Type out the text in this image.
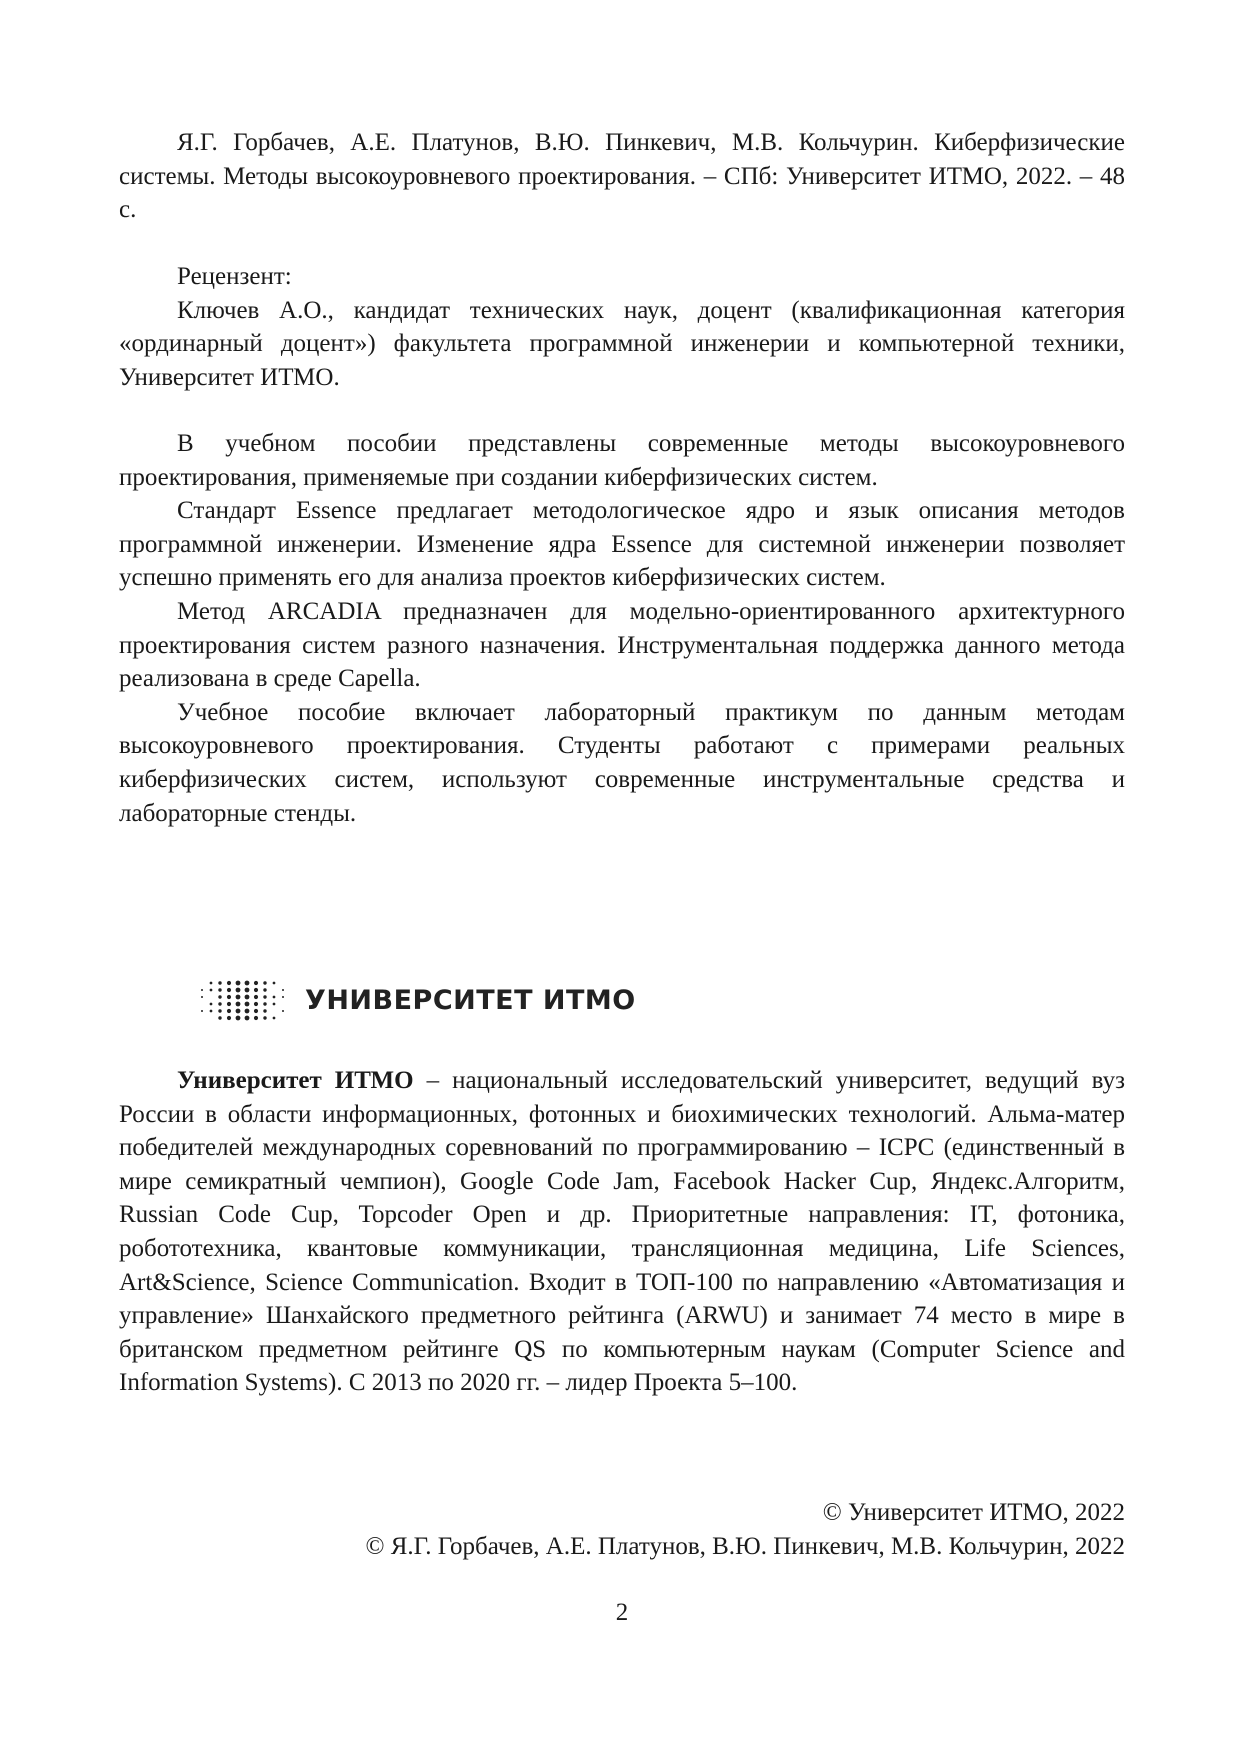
Я.Г. Горбачев, А.Е. Платунов, В.Ю. Пинкевич, М.В. Кольчурин. Киберфизические системы. Методы высокоуровневого проектирования. – СПб: Университет ИТМО, 2022. – 48 с.

Рецензент:

Ключев А.О., кандидат технических наук, доцент (квалификационная категория «ординарный доцент») факультета программной инженерии и компьютерной техники, Университет ИТМО.

В учебном пособии представлены современные методы высокоуровневого проектирования, применяемые при создании киберфизических систем.

Стандарт Essence предлагает методологическое ядро и язык описания методов программной инженерии. Изменение ядра Essence для системной инженерии позволяет успешно применять его для анализа проектов киберфизических систем.

Метод ARCADIA предназначен для модельно-ориентированного архитектурного проектирования систем разного назначения. Инструментальная поддержка данного метода реализована в среде Capella.

Учебное пособие включает лабораторный практикум по данным методам высокоуровневого проектирования. Студенты работают с примерами реальных киберфизических систем, используют современные инструментальные средства и лабораторные стенды.

УНИВЕРСИТЕТ ИТМО

Университет ИТМО – национальный исследовательский университет, ведущий вуз России в области информационных, фотонных и биохимических технологий. Альма-матер победителей международных соревнований по программированию – ICPC (единственный в мире семикратный чемпион), Google Code Jam, Facebook Hacker Cup, Яндекс.Алгоритм, Russian Code Cup, Topcoder Open и др. Приоритетные направления: IT, фотоника, робототехника, квантовые коммуникации, трансляционная медицина, Life Sciences, Art&Science, Science Communication. Входит в ТОП-100 по направлению «Автоматизация и управление» Шанхайского предметного рейтинга (ARWU) и занимает 74 место в мире в британском предметном рейтинге QS по компьютерным наукам (Computer Science and Information Systems). С 2013 по 2020 гг. – лидер Проекта 5–100.

© Университет ИТМО, 2022
© Я.Г. Горбачев, А.Е. Платунов, В.Ю. Пинкевич, М.В. Кольчурин, 2022
2
